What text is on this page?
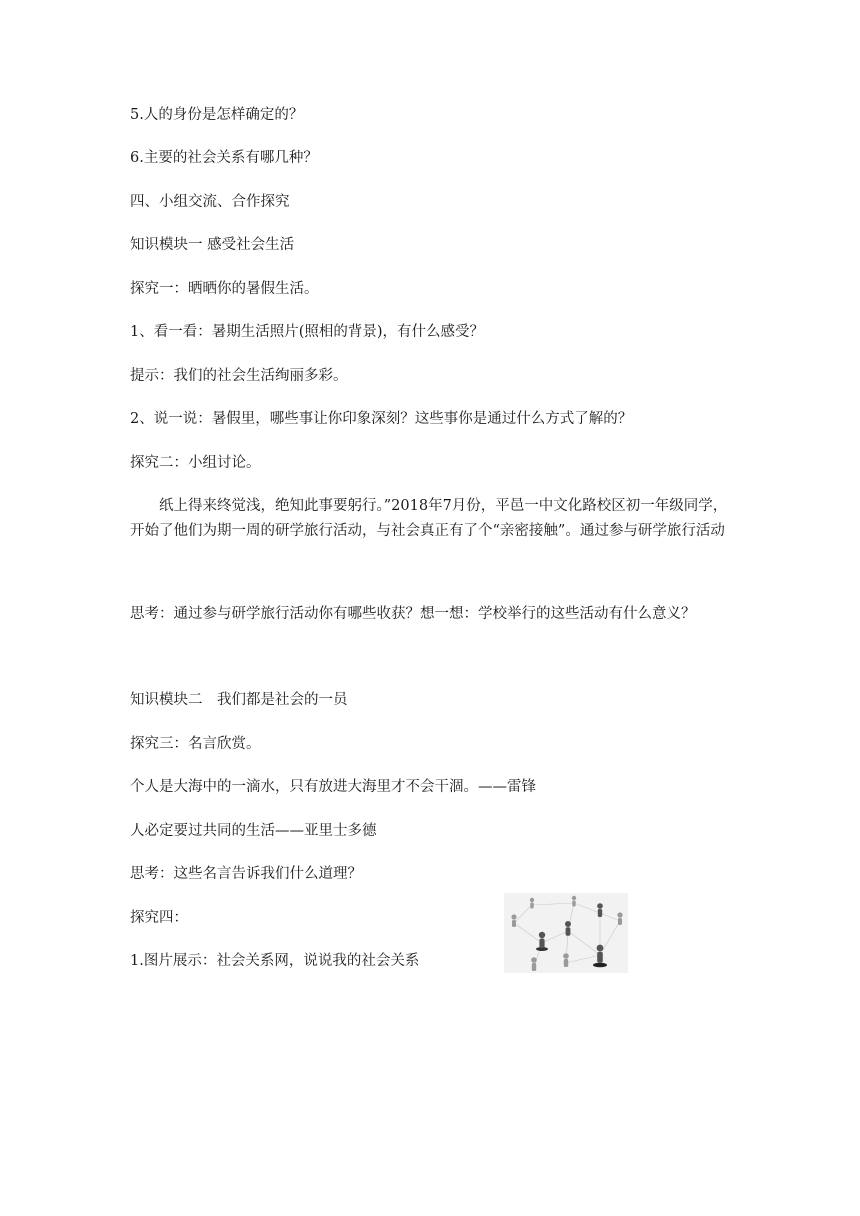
5.人的身份是怎样确定的？
6.主要的社会关系有哪几种？
四、小组交流、合作探究
知识模块一 感受社会生活
探究一：晒晒你的暑假生活。
1、看一看：暑期生活照片(照相的背景)，有什么感受？
提示：我们的社会生活绚丽多彩。
2、说一说：暑假里，哪些事让你印象深刻？这些事你是通过什么方式了解的？
探究二：小组讨论。
纸上得来终觉浅，绝知此事要躬行。”2018年7月份，平邑一中文化路校区初一年级同学，开始了他们为期一周的研学旅行活动，与社会真正有了个“亲密接触”。通过参与研学旅行活动
思考：通过参与研学旅行活动你有哪些收获？想一想：学校举行的这些活动有什么意义？
知识模块二　我们都是社会的一员
探究三：名言欣赏。
个人是大海中的一滴水，只有放进大海里才不会干涸。——雷锋
人必定要过共同的生活——亚里士多德
思考：这些名言告诉我们什么道理？
探究四：
1.图片展示：社会关系网，说说我的社会关系
